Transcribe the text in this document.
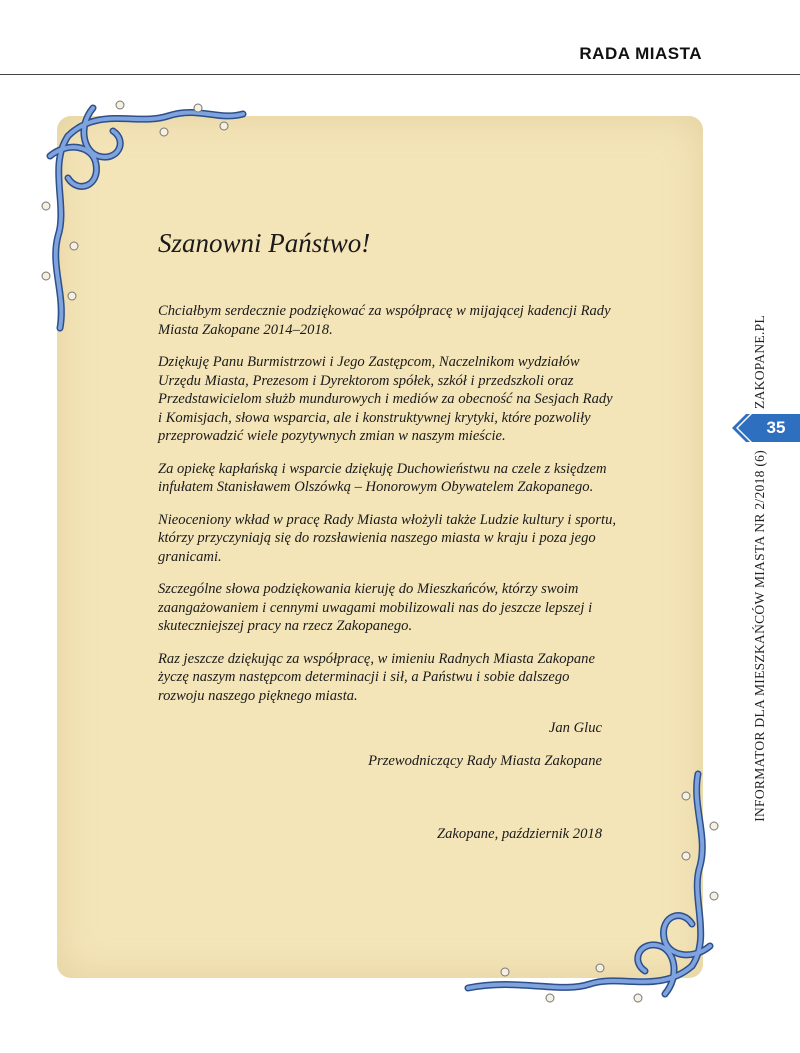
RADA MIASTA
Szanowni Państwo!

Chciałbym serdecznie podziękować za współpracę w mijającej kadencji Rady Miasta Zakopane 2014–2018.

Dziękuję Panu Burmistrzowi i Jego Zastępcom, Naczelnikom wydziałów Urzędu Miasta, Prezesom i Dyrektorom spółek, szkół i przedszkoli oraz Przedstawicielom służb mundurowych i mediów za obecność na Sesjach Rady i Komisjach, słowa wsparcia, ale i konstruktywnej krytyki, które pozwoliły przeprowadzić wiele pozytywnych zmian w naszym mieście.

Za opiekę kapłańską i wsparcie dziękuję Duchowieństwu na czele z księdzem infułatem Stanisławem Olszówką – Honorowym Obywatelem Zakopanego.

Nieoceniony wkład w pracę Rady Miasta włożyli także Ludzie kultury i sportu, którzy przyczyniają się do rozsławienia naszego miasta w kraju i poza jego granicami.

Szczególne słowa podziękowania kieruję do Mieszkańców, którzy swoim zaangażowaniem i cennymi uwagami mobilizowali nas do jeszcze lepszej i skuteczniejszej pracy na rzecz Zakopanego.

Raz jeszcze dziękując za współpracę, w imieniu Radnych Miasta Zakopane życzę naszym następcom determinacji i sił, a Państwu i sobie dalszego rozwoju naszego pięknego miasta.

Jan Gluc
Przewodniczący Rady Miasta Zakopane
Zakopane, październik 2018
ZAKOPANE.PL
35
INFORMATOR DLA MIESZKAŃCÓW MIASTA NR 2/2018 (6)
